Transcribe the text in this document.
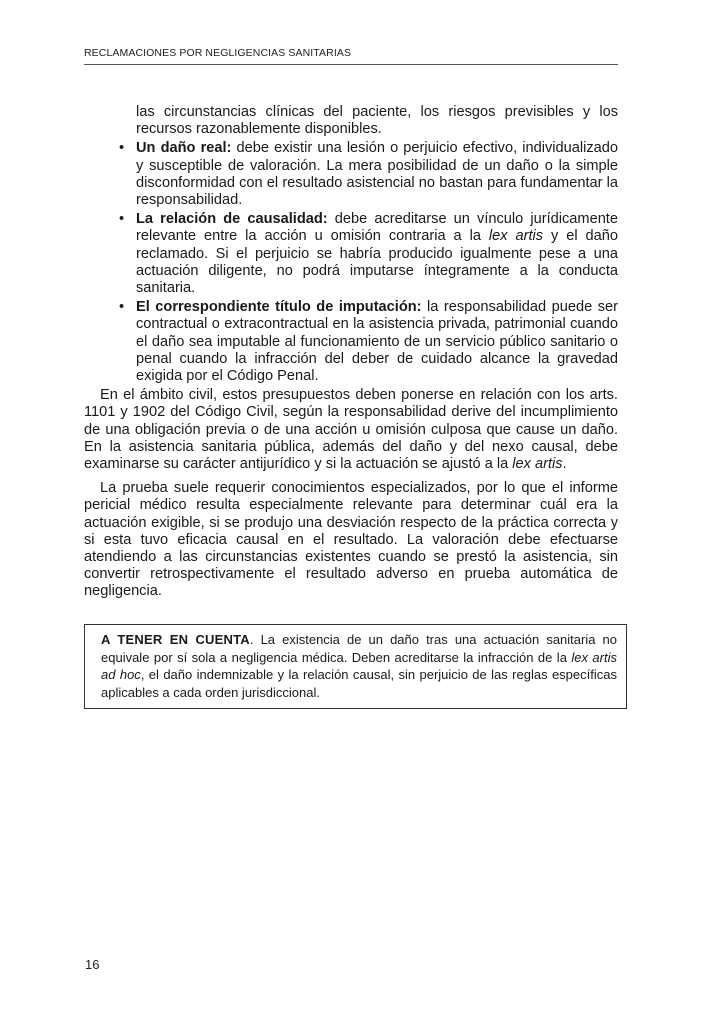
RECLAMACIONES POR NEGLIGENCIAS SANITARIAS
las circunstancias clínicas del paciente, los riesgos previsibles y los recursos razonablemente disponibles.
• Un daño real: debe existir una lesión o perjuicio efectivo, individualizado y susceptible de valoración. La mera posibilidad de un daño o la simple disconformidad con el resultado asistencial no bastan para fundamentar la responsabilidad.
• La relación de causalidad: debe acreditarse un vínculo jurídicamente relevante entre la acción u omisión contraria a la lex artis y el daño reclamado. Si el perjuicio se habría producido igualmente pese a una actuación diligente, no podrá imputarse íntegramente a la conducta sanitaria.
• El correspondiente título de imputación: la responsabilidad puede ser contractual o extracontractual en la asistencia privada, patrimonial cuando el daño sea imputable al funcionamiento de un servicio público sanitario o penal cuando la infracción del deber de cuidado alcance la gravedad exigida por el Código Penal.

En el ámbito civil, estos presupuestos deben ponerse en relación con los arts. 1101 y 1902 del Código Civil, según la responsabilidad derive del incumplimiento de una obligación previa o de una acción u omisión culposa que cause un daño. En la asistencia sanitaria pública, además del daño y del nexo causal, debe examinarse su carácter antijurídico y si la actuación se ajustó a la lex artis.

La prueba suele requerir conocimientos especializados, por lo que el informe pericial médico resulta especialmente relevante para determinar cuál era la actuación exigible, si se produjo una desviación respecto de la práctica correcta y si esta tuvo eficacia causal en el resultado. La valoración debe efectuarse atendiendo a las circunstancias existentes cuando se prestó la asistencia, sin convertir retrospectivamente el resultado adverso en prueba automática de negligencia.

A TENER EN CUENTA. La existencia de un daño tras una actuación sanitaria no equivale por sí sola a negligencia médica. Deben acreditarse la infracción de la lex artis ad hoc, el daño indemnizable y la relación causal, sin perjuicio de las reglas específicas aplicables a cada orden jurisdiccional.
16
